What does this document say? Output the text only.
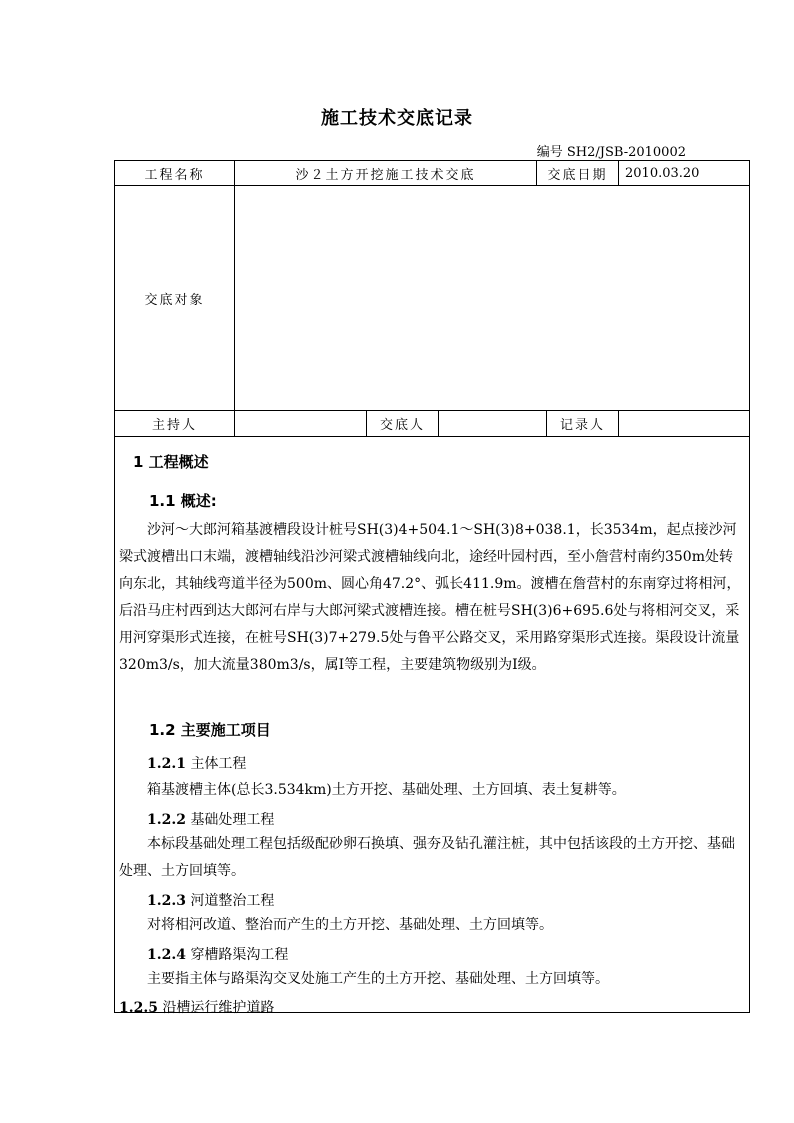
施工技术交底记录
编号 SH2/JSB-2010002
工程名称	沙２土方开挖施工技术交底	交底日期	2010.03.20
交底对象
主持人	交底人	记录人
1 工程概述
1.1 概述:
沙河～大郎河箱基渡槽段设计桩号SH(3)4+504.1～SH(3)8+038.1，长3534m，起点接沙河梁式渡槽出口末端，渡槽轴线沿沙河梁式渡槽轴线向北，途经叶园村西，至小詹营村南约350m处转向东北，其轴线弯道半径为500m、圆心角47.2°、弧长411.9m。渡槽在詹营村的东南穿过将相河，后沿马庄村西到达大郎河右岸与大郎河梁式渡槽连接。槽在桩号SH(3)6+695.6处与将相河交叉，采用河穿渠形式连接，在桩号SH(3)7+279.5处与鲁平公路交叉，采用路穿渠形式连接。渠段设计流量320m3/s，加大流量380m3/s，属I等工程，主要建筑物级别为I级。
1.2 主要施工项目
1.2.1 主体工程
箱基渡槽主体(总长3.534km)土方开挖、基础处理、土方回填、表土复耕等。
1.2.2 基础处理工程
本标段基础处理工程包括级配砂卵石换填、强夯及钻孔灌注桩，其中包括该段的土方开挖、基础处理、土方回填等。
1.2.3 河道整治工程
对将相河改道、整治而产生的土方开挖、基础处理、土方回填等。
1.2.4 穿槽路渠沟工程
主要指主体与路渠沟交叉处施工产生的土方开挖、基础处理、土方回填等。
1.2.5 沿槽运行维护道路
